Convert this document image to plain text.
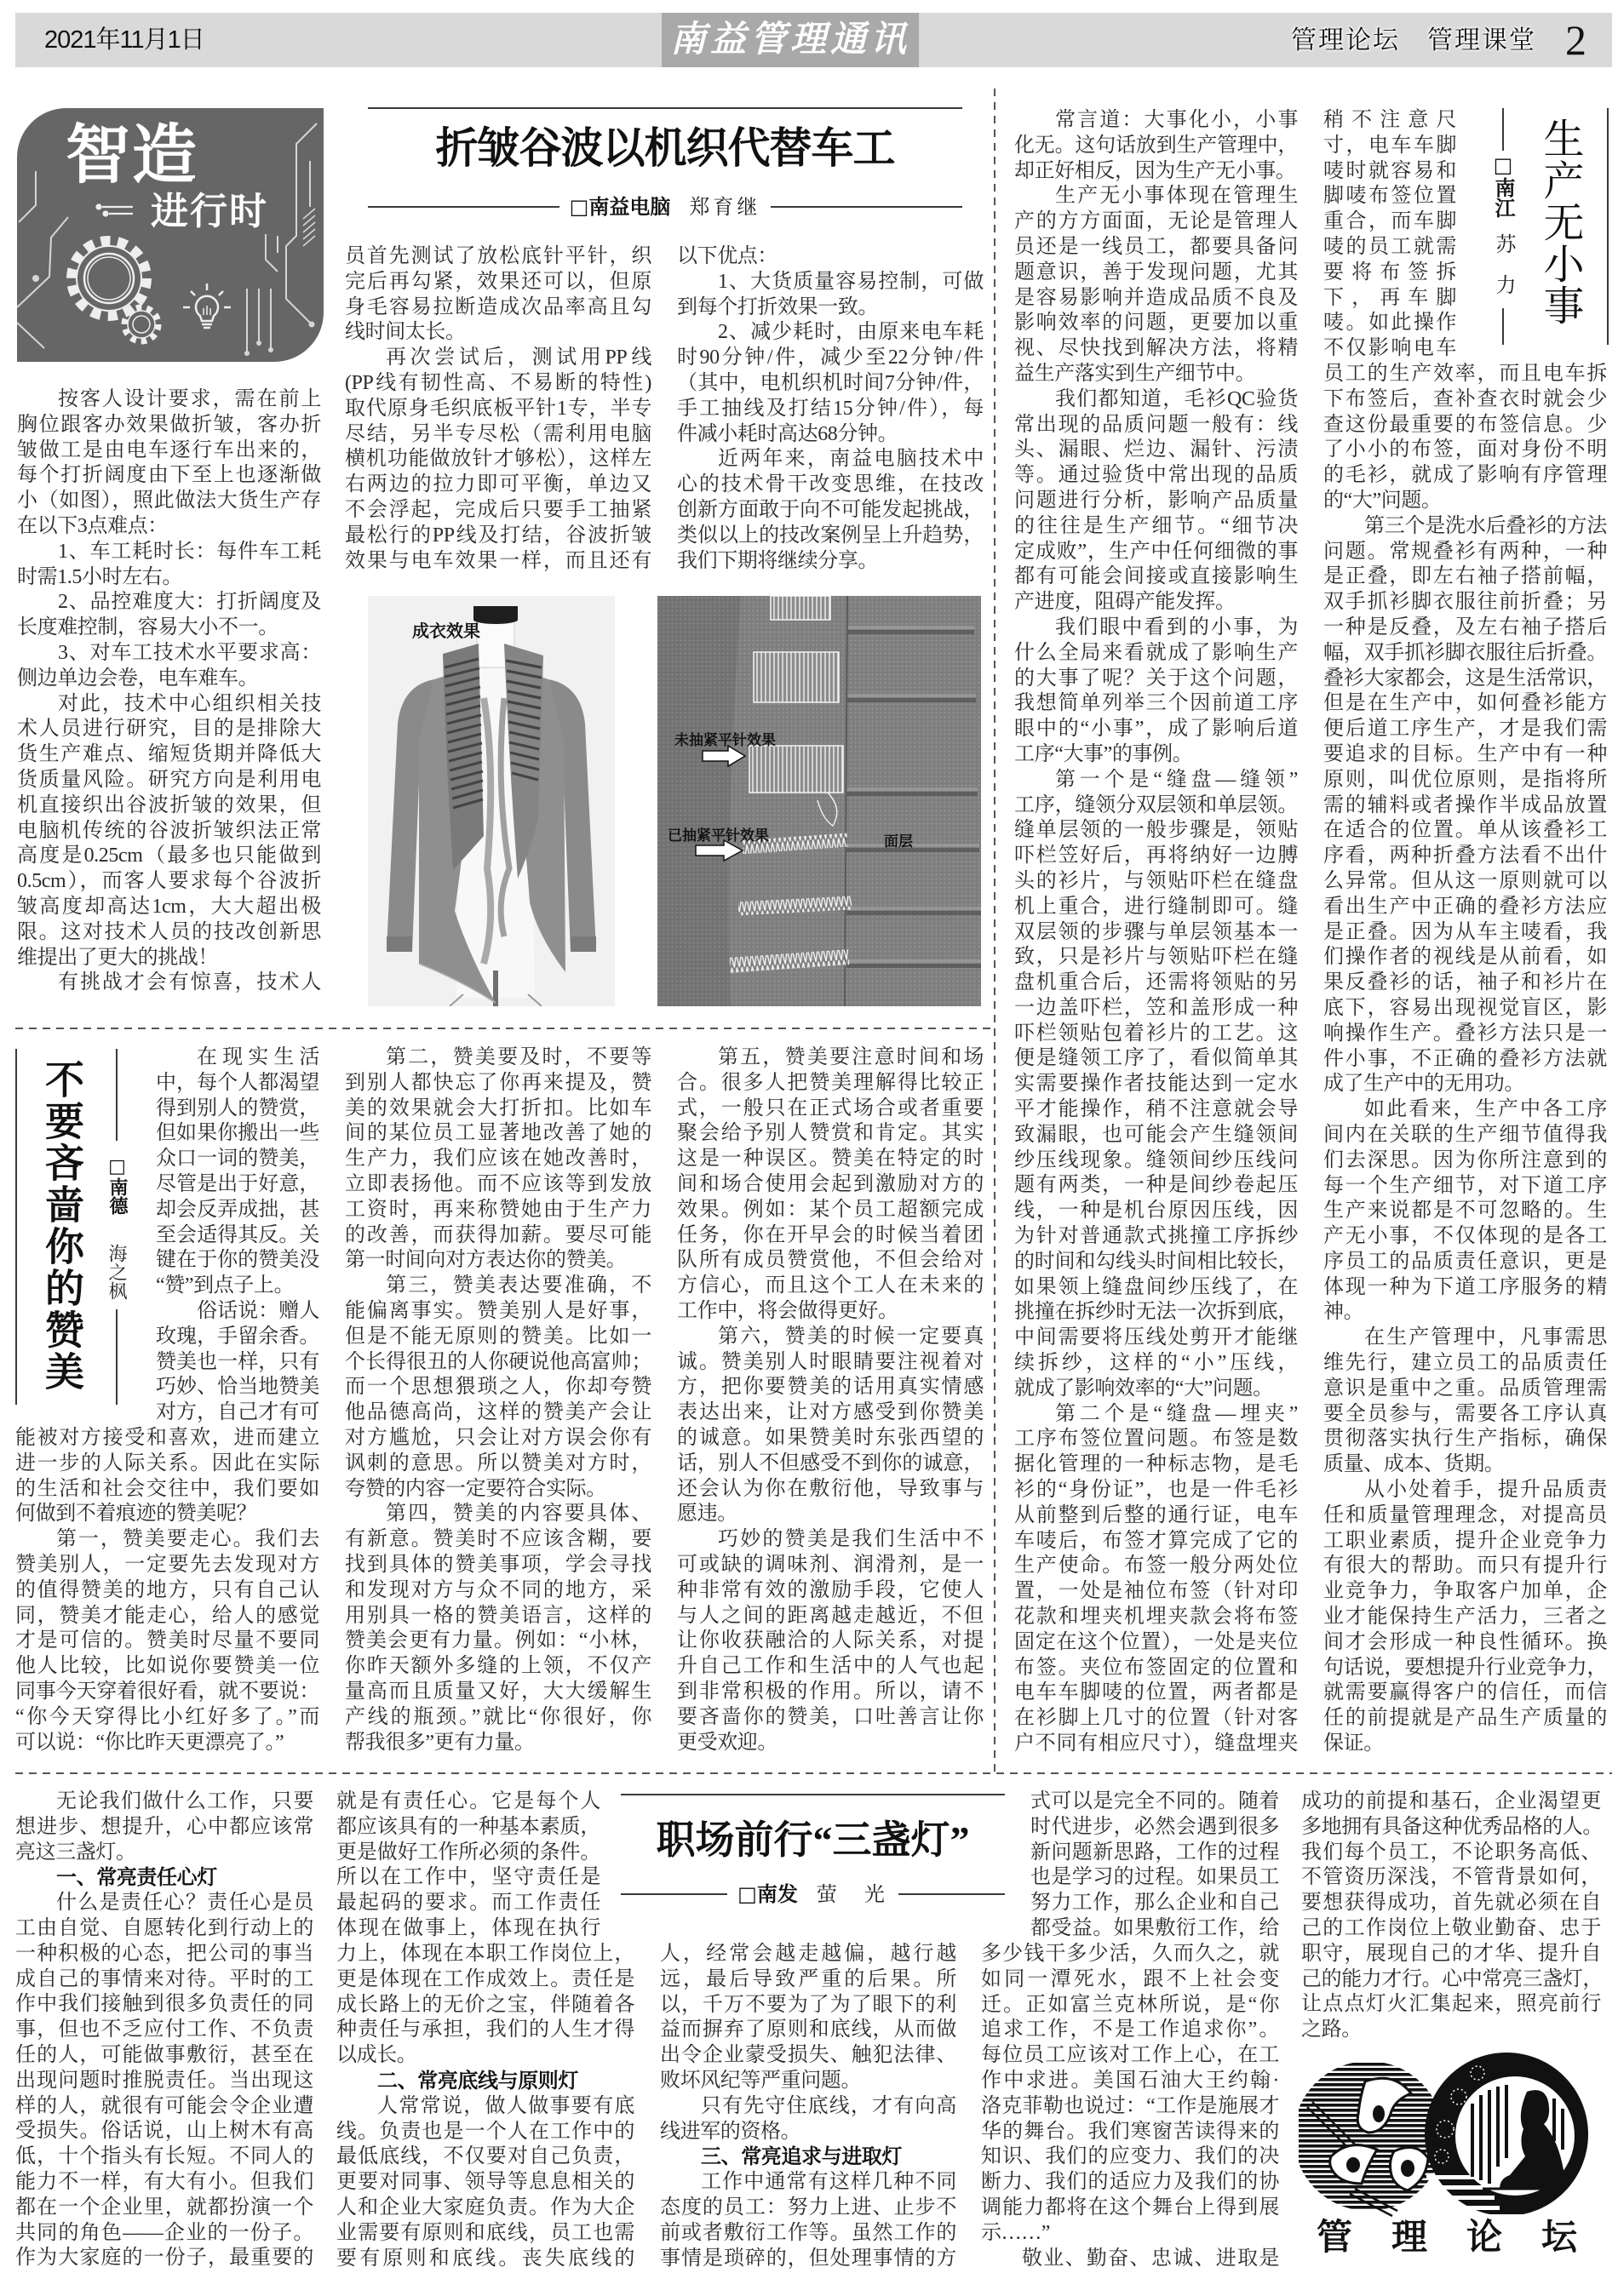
2021年11月1日	南益管理通讯	管理论坛　管理课堂 2
智造
进行时
折皱谷波以机织代替车工
□南益电脑 郑育继
按客人设计要求，需在前上
胸位跟客办效果做折皱，客办折
皱做工是由电车逐行车出来的，
每个打折阔度由下至上也逐渐做
小（如图），照此做法大货生产存
在以下3点难点：
1、车工耗时长：每件车工耗
时需1.5小时左右。
2、品控难度大：打折阔度及
长度难控制，容易大小不一。
3、对车工技术水平要求高：
侧边单边会卷，电车难车。
对此，技术中心组织相关技
术人员进行研究，目的是排除大
货生产难点、缩短货期并降低大
货质量风险。研究方向是利用电
机直接织出谷波折皱的效果，但
电脑机传统的谷波折皱织法正常
高度是0.25cm（最多也只能做到
0.5cm），而客人要求每个谷波折
皱高度却高达1cm，大大超出极
限。这对技术人员的技改创新思
维提出了更大的挑战！
有挑战才会有惊喜，技术人
员首先测试了放松底针平针，织
完后再勾紧，效果还可以，但原
身毛容易拉断造成次品率高且勾
线时间太长。
再次尝试后，测试用PP线
(PP线有韧性高、不易断的特性)
取代原身毛织底板平针1专，半专
尽结，另半专尽松（需利用电脑
横机功能做放针才够松），这样左
右两边的拉力即可平衡，单边又
不会浮起，完成后只要手工抽紧
最松行的PP线及打结，谷波折皱
效果与电车效果一样，而且还有
以下优点：
1、大货质量容易控制，可做
到每个打折效果一致。
2、减少耗时，由原来电车耗
时90分钟/件，减少至22分钟/件
（其中，电机织机时间7分钟/件，
手工抽线及打结15分钟/件），每
件减小耗时高达68分钟。
近两年来，南益电脑技术中
心的技术骨干改变思维，在技改
创新方面敢于向不可能发起挑战，
类似以上的技改案例呈上升趋势，
我们下期将继续分享。
成衣效果
未抽紧平针效果
已抽紧平针效果	面层
生产无小事
□南江苏　力
常言道：大事化小，小事
化无。这句话放到生产管理中，
却正好相反，因为生产无小事。
生产无小事体现在管理生
产的方方面面，无论是管理人
员还是一线员工，都要具备问
题意识，善于发现问题，尤其
是容易影响并造成品质不良及
影响效率的问题，更要加以重
视、尽快找到解决方法，将精
益生产落实到生产细节中。
我们都知道，毛衫QC验货
常出现的品质问题一般有：线
头、漏眼、烂边、漏针、污渍
等。通过验货中常出现的品质
问题进行分析，影响产品质量
的往往是生产细节。“细节决
定成败”，生产中任何细微的事
都有可能会间接或直接影响生
产进度，阻碍产能发挥。
我们眼中看到的小事，为
什么全局来看就成了影响生产
的大事了呢？关于这个问题，
我想简单列举三个因前道工序
眼中的“小事”，成了影响后道
工序“大事”的事例。
第一个是“缝盘—缝领”
工序，缝领分双层领和单层领。
缝单层领的一般步骤是，领贴
吓栏笠好后，再将纳好一边膊
头的衫片，与领贴吓栏在缝盘
机上重合，进行缝制即可。缝
双层领的步骤与单层领基本一
致，只是衫片与领贴吓栏在缝
盘机重合后，还需将领贴的另
一边盖吓栏，笠和盖形成一种
吓栏领贴包着衫片的工艺。这
便是缝领工序了，看似简单其
实需要操作者技能达到一定水
平才能操作，稍不注意就会导
致漏眼，也可能会产生缝领间
纱压线现象。缝领间纱压线问
题有两类，一种是间纱卷起压
线，一种是机台原因压线，因
为针对普通款式挑撞工序拆纱
的时间和勾线头时间相比较长，
如果领上缝盘间纱压线了，在
挑撞在拆纱时无法一次拆到底，
中间需要将压线处剪开才能继
续拆纱，这样的“小”压线，
就成了影响效率的“大”问题。
第二个是“缝盘—埋夹”
工序布签位置问题。布签是数
据化管理的一种标志物，是毛
衫的“身份证”，也是一件毛衫
从前整到后整的通行证，电车
车唛后，布签才算完成了它的
生产使命。布签一般分两处位
置，一处是袖位布签（针对印
花款和埋夹机埋夹款会将布签
固定在这个位置），一处是夹位
布签。夹位布签固定的位置和
电车车脚唛的位置，两者都是
在衫脚上几寸的位置（针对客
户不同有相应尺寸），缝盘埋夹
稍不注意尺
寸，电车车脚
唛时就容易和
脚唛布签位置
重合，而车脚
唛的员工就需
要将布签拆
下，再车脚
唛。如此操作
不仅影响电车
员工的生产效率，而且电车拆
下布签后，查补查衣时就会少
查这份最重要的布签信息。少
了小小的布签，面对身份不明
的毛衫，就成了影响有序管理
的“大”问题。
第三个是洗水后叠衫的方法
问题。常规叠衫有两种，一种
是正叠，即左右袖子搭前幅，
双手抓衫脚衣服往前折叠；另
一种是反叠，及左右袖子搭后
幅，双手抓衫脚衣服往后折叠。
叠衫大家都会，这是生活常识，
但是在生产中，如何叠衫能方
便后道工序生产，才是我们需
要追求的目标。生产中有一种
原则，叫优位原则，是指将所
需的辅料或者操作半成品放置
在适合的位置。单从该叠衫工
序看，两种折叠方法看不出什
么异常。但从这一原则就可以
看出生产中正确的叠衫方法应
是正叠。因为从车主唛看，我
们操作者的视线是从前看，如
果反叠衫的话，袖子和衫片在
底下，容易出现视觉盲区，影
响操作生产。叠衫方法只是一
件小事，不正确的叠衫方法就
成了生产中的无用功。
如此看来，生产中各工序
间内在关联的生产细节值得我
们去深思。因为你所注意到的
每一个生产细节，对下道工序
生产来说都是不可忽略的。生
产无小事，不仅体现的是各工
序员工的品质责任意识，更是
体现一种为下道工序服务的精
神。
在生产管理中，凡事需思
维先行，建立员工的品质责任
意识是重中之重。品质管理需
要全员参与，需要各工序认真
贯彻落实执行生产指标，确保
质量、成本、货期。
从小处着手，提升品质责
任和质量管理理念，对提高员
工职业素质，提升企业竞争力
有很大的帮助。而只有提升行
业竞争力，争取客户加单，企
业才能保持生产活力，三者之
间才会形成一种良性循环。换
句话说，要想提升行业竞争力，
就需要赢得客户的信任，而信
任的前提就是产品生产质量的
保证。
不要吝啬你的赞美 □南德海之枫
在现实生活
中，每个人都渴望
得到别人的赞赏，
但如果你搬出一些
众口一词的赞美，
尽管是出于好意，
却会反弄成拙，甚
至会适得其反。关
键在于你的赞美没
“赞”到点子上。
俗话说：赠人
玫瑰，手留余香。
赞美也一样，只有
巧妙、恰当地赞美
对方，自己才有可
能被对方接受和喜欢，进而建立
进一步的人际关系。因此在实际
的生活和社会交往中，我们要如
何做到不着痕迹的赞美呢？
第一，赞美要走心。我们去
赞美别人，一定要先去发现对方
的值得赞美的地方，只有自己认
同，赞美才能走心，给人的感觉
才是可信的。赞美时尽量不要同
他人比较，比如说你要赞美一位
同事今天穿着很好看，就不要说：
“你今天穿得比小红好多了。”而
可以说：“你比昨天更漂亮了。”
第二，赞美要及时，不要等
到别人都快忘了你再来提及，赞
美的效果就会大打折扣。比如车
间的某位员工显著地改善了她的
生产力，我们应该在她改善时，
立即表扬他。而不应该等到发放
工资时，再来称赞她由于生产力
的改善，而获得加薪。要尽可能
第一时间向对方表达你的赞美。
第三，赞美表达要准确，不
能偏离事实。赞美别人是好事，
但是不能无原则的赞美。比如一
个长得很丑的人你硬说他高富帅；
而一个思想猥琐之人，你却夸赞
他品德高尚，这样的赞美产会让
对方尴尬，只会让对方误会你有
讽刺的意思。所以赞美对方时，
夸赞的内容一定要符合实际。
第四，赞美的内容要具体、
有新意。赞美时不应该含糊，要
找到具体的赞美事项，学会寻找
和发现对方与众不同的地方，采
用别具一格的赞美语言，这样的
赞美会更有力量。例如：“小林，
你昨天额外多缝的上领，不仅产
量高而且质量又好，大大缓解生
产线的瓶颈。”就比“你很好，你
帮我很多”更有力量。
第五，赞美要注意时间和场
合。很多人把赞美理解得比较正
式，一般只在正式场合或者重要
聚会给予别人赞赏和肯定。其实
这是一种误区。赞美在特定的时
间和场合使用会起到激励对方的
效果。例如：某个员工超额完成
任务，你在开早会的时候当着团
队所有成员赞赏他，不但会给对
方信心，而且这个工人在未来的
工作中，将会做得更好。
第六，赞美的时候一定要真
诚。赞美别人时眼睛要注视着对
方，把你要赞美的话用真实情感
表达出来，让对方感受到你赞美
的诚意。如果赞美时东张西望的
话，别人不但感受不到你的诚意，
还会认为你在敷衍他，导致事与
愿违。
巧妙的赞美是我们生活中不
可或缺的调味剂、润滑剂，是一
种非常有效的激励手段，它使人
与人之间的距离越走越近，不但
让你收获融洽的人际关系，对提
升自己工作和生活中的人气也起
到非常积极的作用。所以，请不
要吝啬你的赞美，口吐善言让你
更受欢迎。
职场前行“三盏灯”
□南发 萤　光
无论我们做什么工作，只要
想进步、想提升，心中都应该常
亮这三盏灯。
一、常亮责任心灯
什么是责任心？责任心是员
工由自觉、自愿转化到行动上的
一种积极的心态，把公司的事当
成自己的事情来对待。平时的工
作中我们接触到很多负责任的同
事，但也不乏应付工作、不负责
任的人，可能做事敷衍，甚至在
出现问题时推脱责任。当出现这
样的人，就很有可能会令企业遭
受损失。俗话说，山上树木有高
低，十个指头有长短。不同人的
能力不一样，有大有小。但我们
都在一个企业里，就都扮演一个
共同的角色——企业的一份子。
作为大家庭的一份子，最重要的
就是有责任心。它是每个人
都应该具有的一种基本素质，
更是做好工作所必须的条件。
所以在工作中，坚守责任是
最起码的要求。而工作责任
体现在做事上，体现在执行
力上，体现在本职工作岗位上，
更是体现在工作成效上。责任是
成长路上的无价之宝，伴随着各
种责任与承担，我们的人生才得
以成长。
二、常亮底线与原则灯
人常常说，做人做事要有底
线。负责也是一个人在工作中的
最低底线，不仅要对自己负责，
更要对同事、领导等息息相关的
人和企业大家庭负责。作为大企
业需要有原则和底线，员工也需
要有原则和底线。丧失底线的
人，经常会越走越偏，越行越
远，最后导致严重的后果。所
以，千万不要为了为了眼下的利
益而摒弃了原则和底线，从而做
出令企业蒙受损失、触犯法律、
败坏风纪等严重问题。
只有先守住底线，才有向高
线进军的资格。
三、常亮追求与进取灯
工作中通常有这样几种不同
态度的员工：努力上进、止步不
前或者敷衍工作等。虽然工作的
事情是琐碎的，但处理事情的方
式可以是完全不同的。随着
时代进步，必然会遇到很多
新问题新思路，工作的过程
也是学习的过程。如果员工
努力工作，那么企业和自己
都受益。如果敷衍工作，给
多少钱干多少活，久而久之，就
如同一潭死水，跟不上社会变
迁。正如富兰克林所说，是“你
追求工作，不是工作追求你”。
每位员工应该对工作上心，在工
作中求进。美国石油大王约翰·
洛克菲勒也说过：“工作是施展才
华的舞台。我们寒窗苦读得来的
知识、我们的应变力、我们的决
断力、我们的适应力及我们的协
调能力都将在这个舞台上得到展
示……”
敬业、勤奋、忠诚、进取是
成功的前提和基石，企业渴望更
多地拥有具备这种优秀品格的人。
我们每个员工，不论职务高低、
不管资历深浅，不管背景如何，
要想获得成功，首先就必须在自
己的工作岗位上敬业勤奋、忠于
职守，展现自己的才华、提升自
己的能力才行。心中常亮三盏灯，
让点点灯火汇集起来，照亮前行
之路。
管理论坛
